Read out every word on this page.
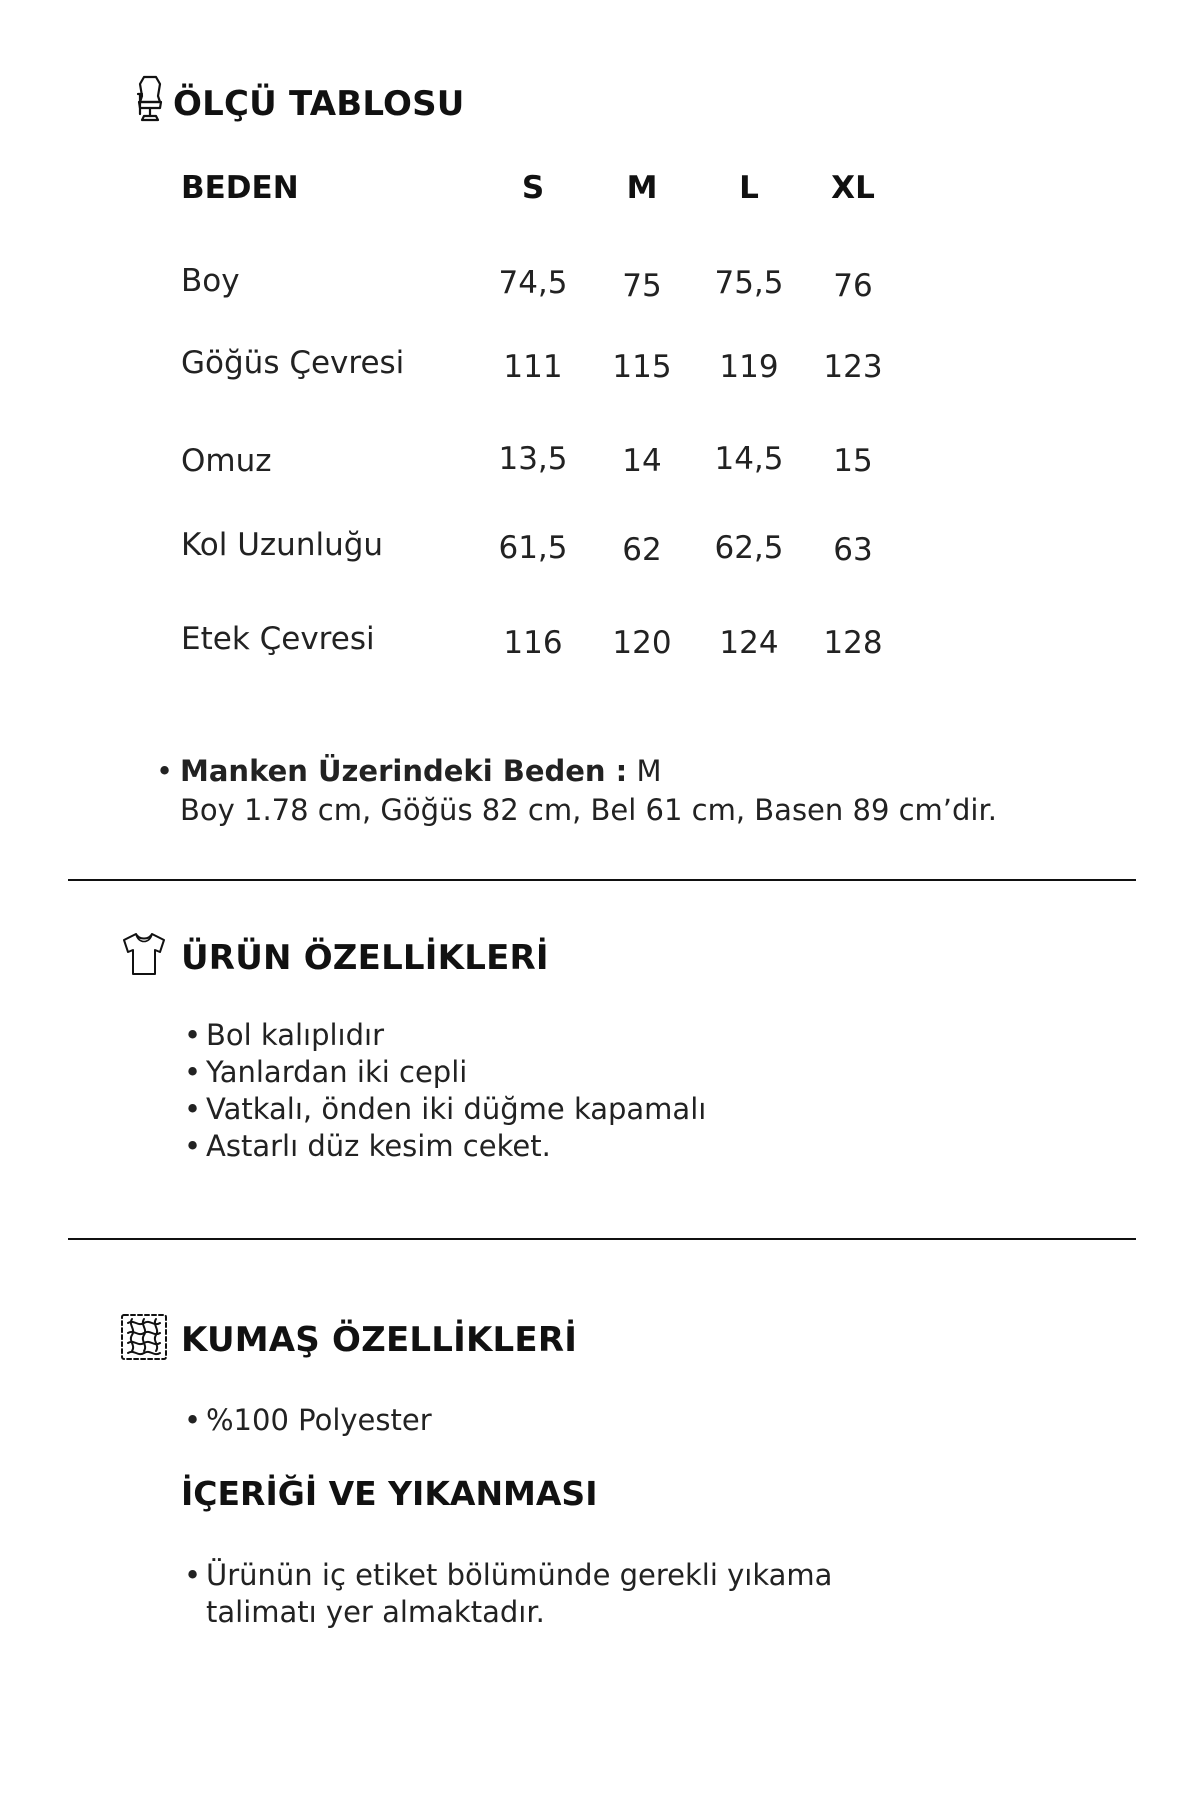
ÖLÇÜ TABLOSU
BEDEN	S	M	L	XL
Boy	74,5	75	75,5	76
Göğüs Çevresi	111	115	119	123
Omuz	13,5	14	14,5	15
Kol Uzunluğu	61,5	62	62,5	63
Etek Çevresi	116	120	124	128
• Manken Üzerindeki Beden : M
Boy 1.78 cm, Göğüs 82 cm, Bel 61 cm, Basen 89 cm’dir.
ÜRÜN ÖZELLİKLERİ
• Bol kalıplıdır
• Yanlardan iki cepli
• Vatkalı, önden iki düğme kapamalı
• Astarlı düz kesim ceket.
KUMAŞ ÖZELLİKLERİ
• %100 Polyester
İÇERİĞİ VE YIKANMASI
• Ürünün iç etiket bölümünde gerekli yıkama
talimatı yer almaktadır.
